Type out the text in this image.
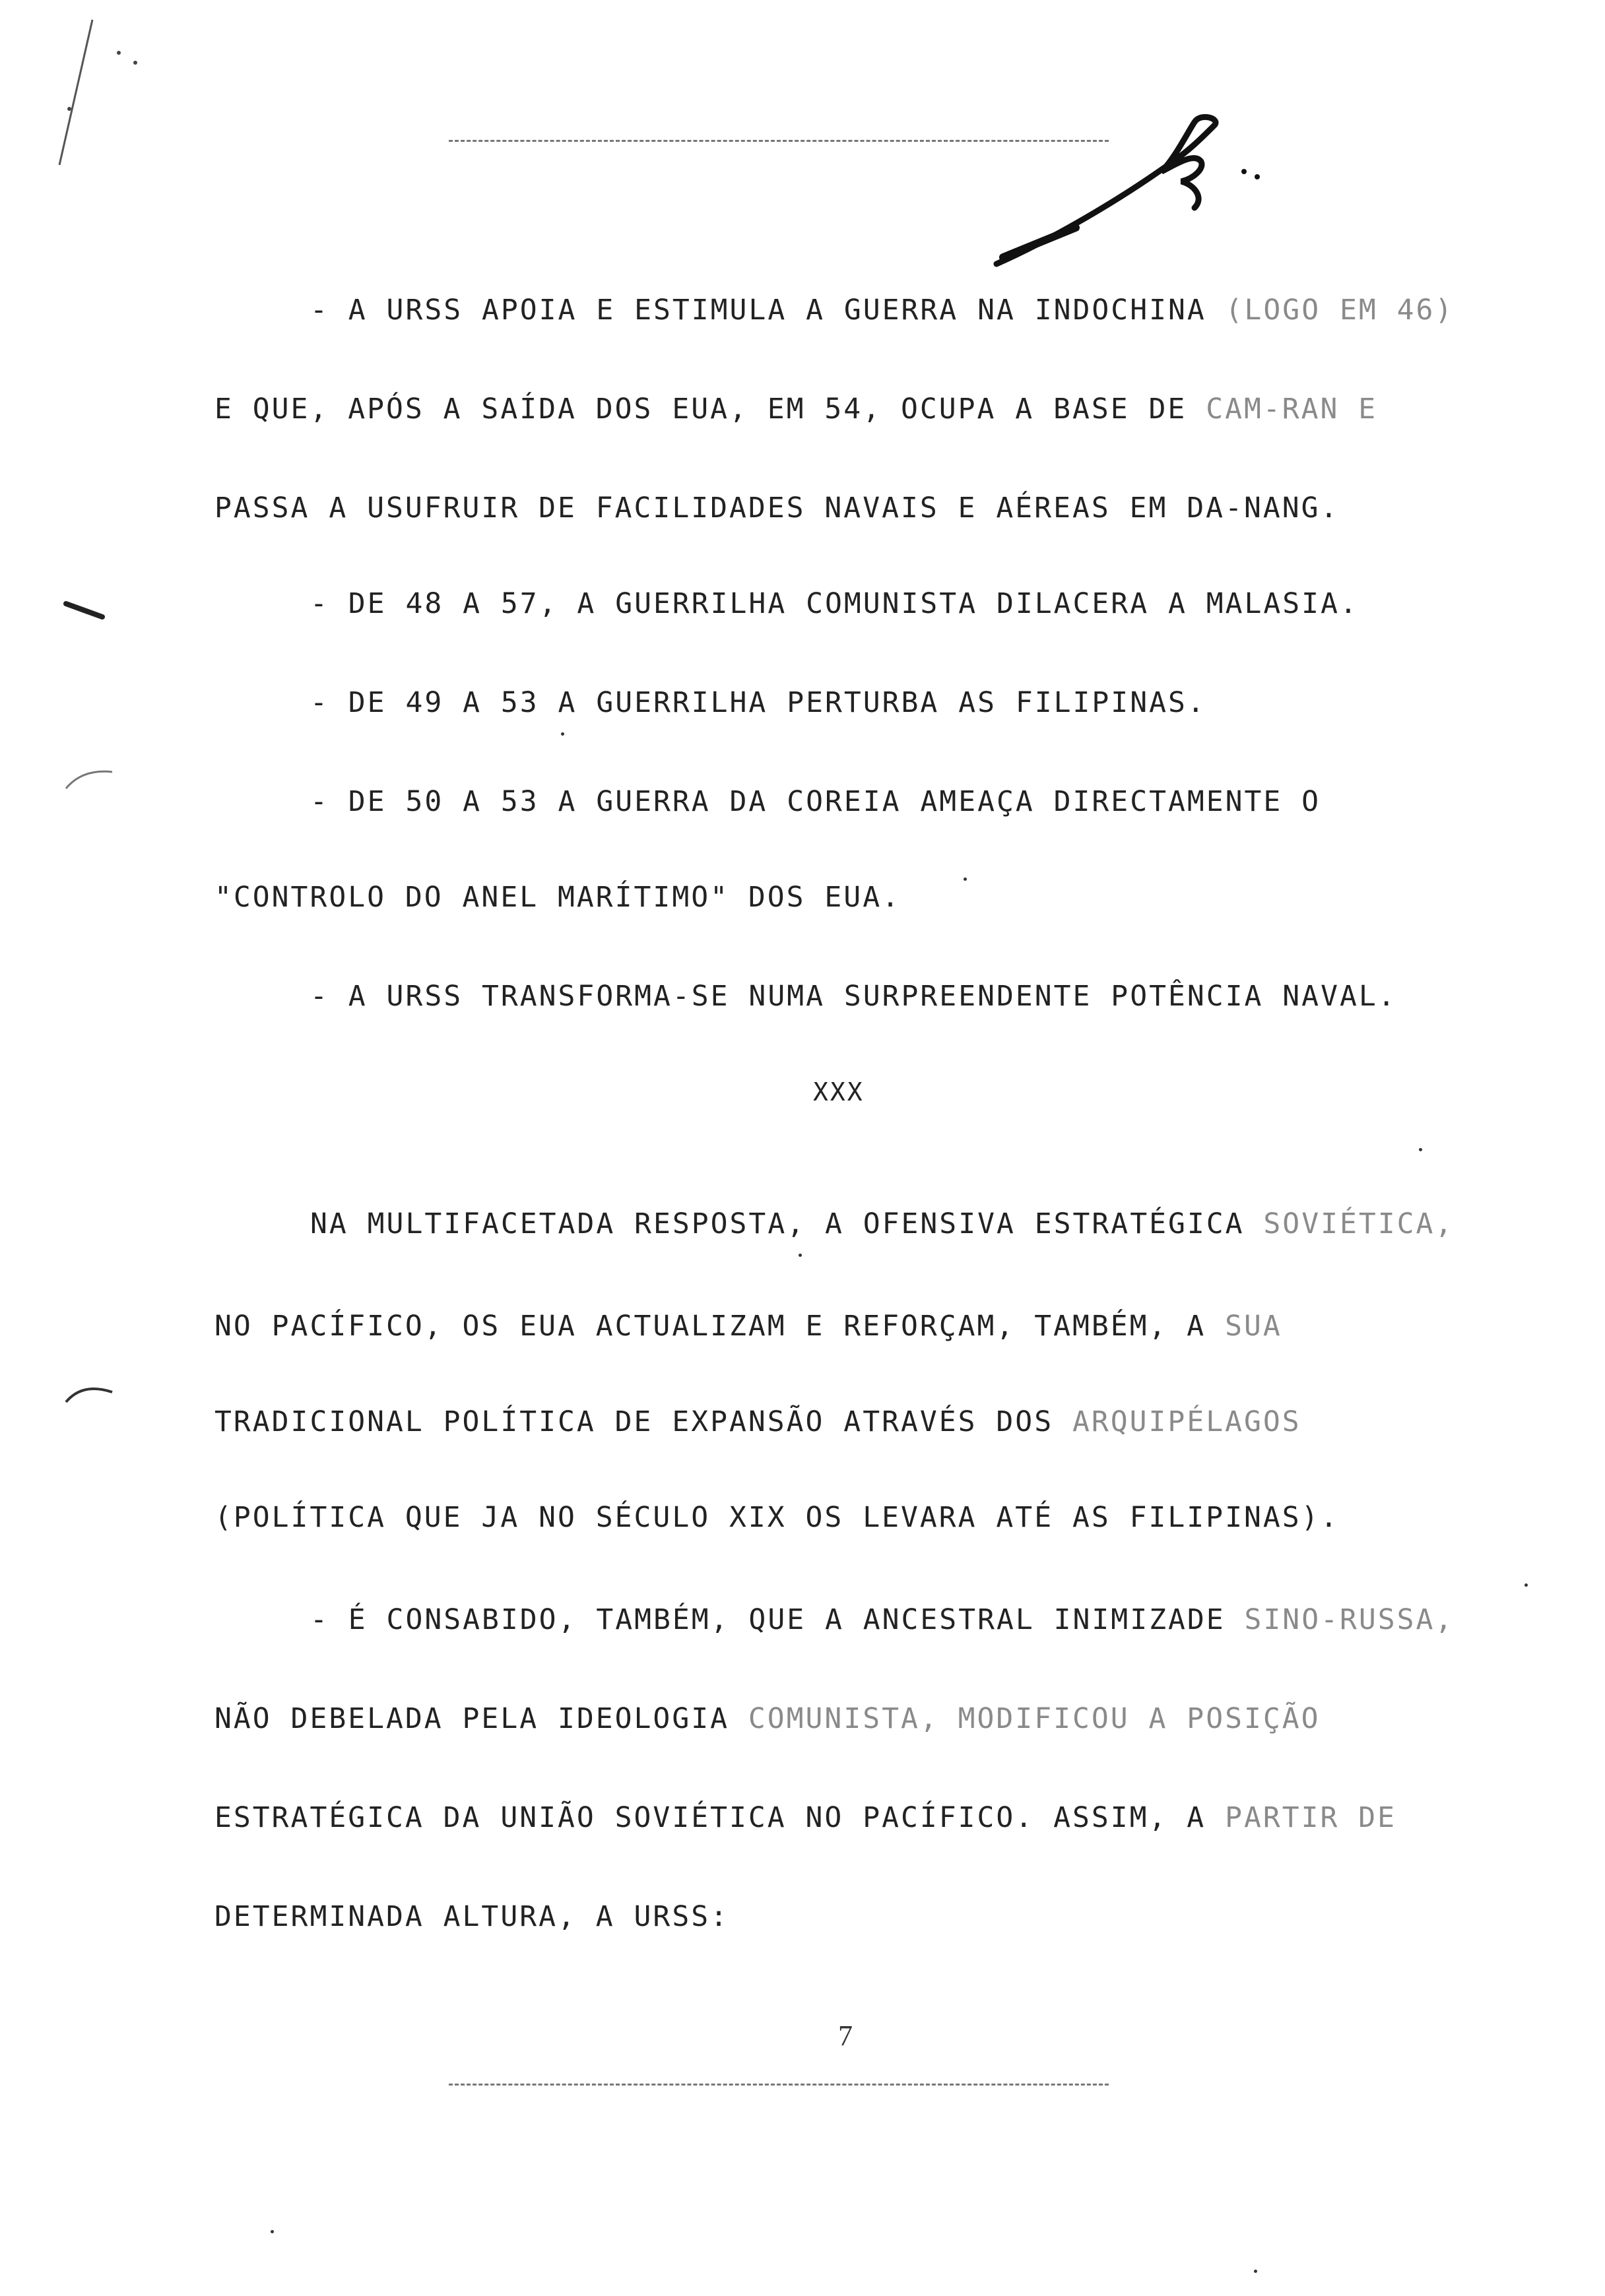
- A URSS APOIA E ESTIMULA A GUERRA NA INDOCHINA (LOGO EM 46)
E QUE, APÓS A SAÍDA DOS EUA, EM 54, OCUPA A BASE DE CAM-RAN E
PASSA A USUFRUIR DE FACILIDADES NAVAIS E AÉREAS EM DA-NANG.
- DE 48 A 57, A GUERRILHA COMUNISTA DILACERA A MALASIA.
- DE 49 A 53 A GUERRILHA PERTURBA AS FILIPINAS.
- DE 50 A 53 A GUERRA DA COREIA AMEAÇA DIRECTAMENTE O
"CONTROLO DO ANEL MARÍTIMO" DOS EUA.
- A URSS TRANSFORMA-SE NUMA SURPREENDENTE POTÊNCIA NAVAL.
XXX
NA MULTIFACETADA RESPOSTA, A OFENSIVA ESTRATÉGICA SOVIÉTICA,
NO PACÍFICO, OS EUA ACTUALIZAM E REFORÇAM, TAMBÉM, A SUA
TRADICIONAL POLÍTICA DE EXPANSÃO ATRAVÉS DOS ARQUIPÉLAGOS
(POLÍTICA QUE JA NO SÉCULO XIX OS LEVARA ATÉ AS FILIPINAS).
- É CONSABIDO, TAMBÉM, QUE A ANCESTRAL INIMIZADE SINO-RUSSA,
NÃO DEBELADA PELA IDEOLOGIA COMUNISTA, MODIFICOU A POSIÇÃO
ESTRATÉGICA DA UNIÃO SOVIÉTICA NO PACÍFICO. ASSIM, A PARTIR DE
DETERMINADA ALTURA, A URSS:
7
